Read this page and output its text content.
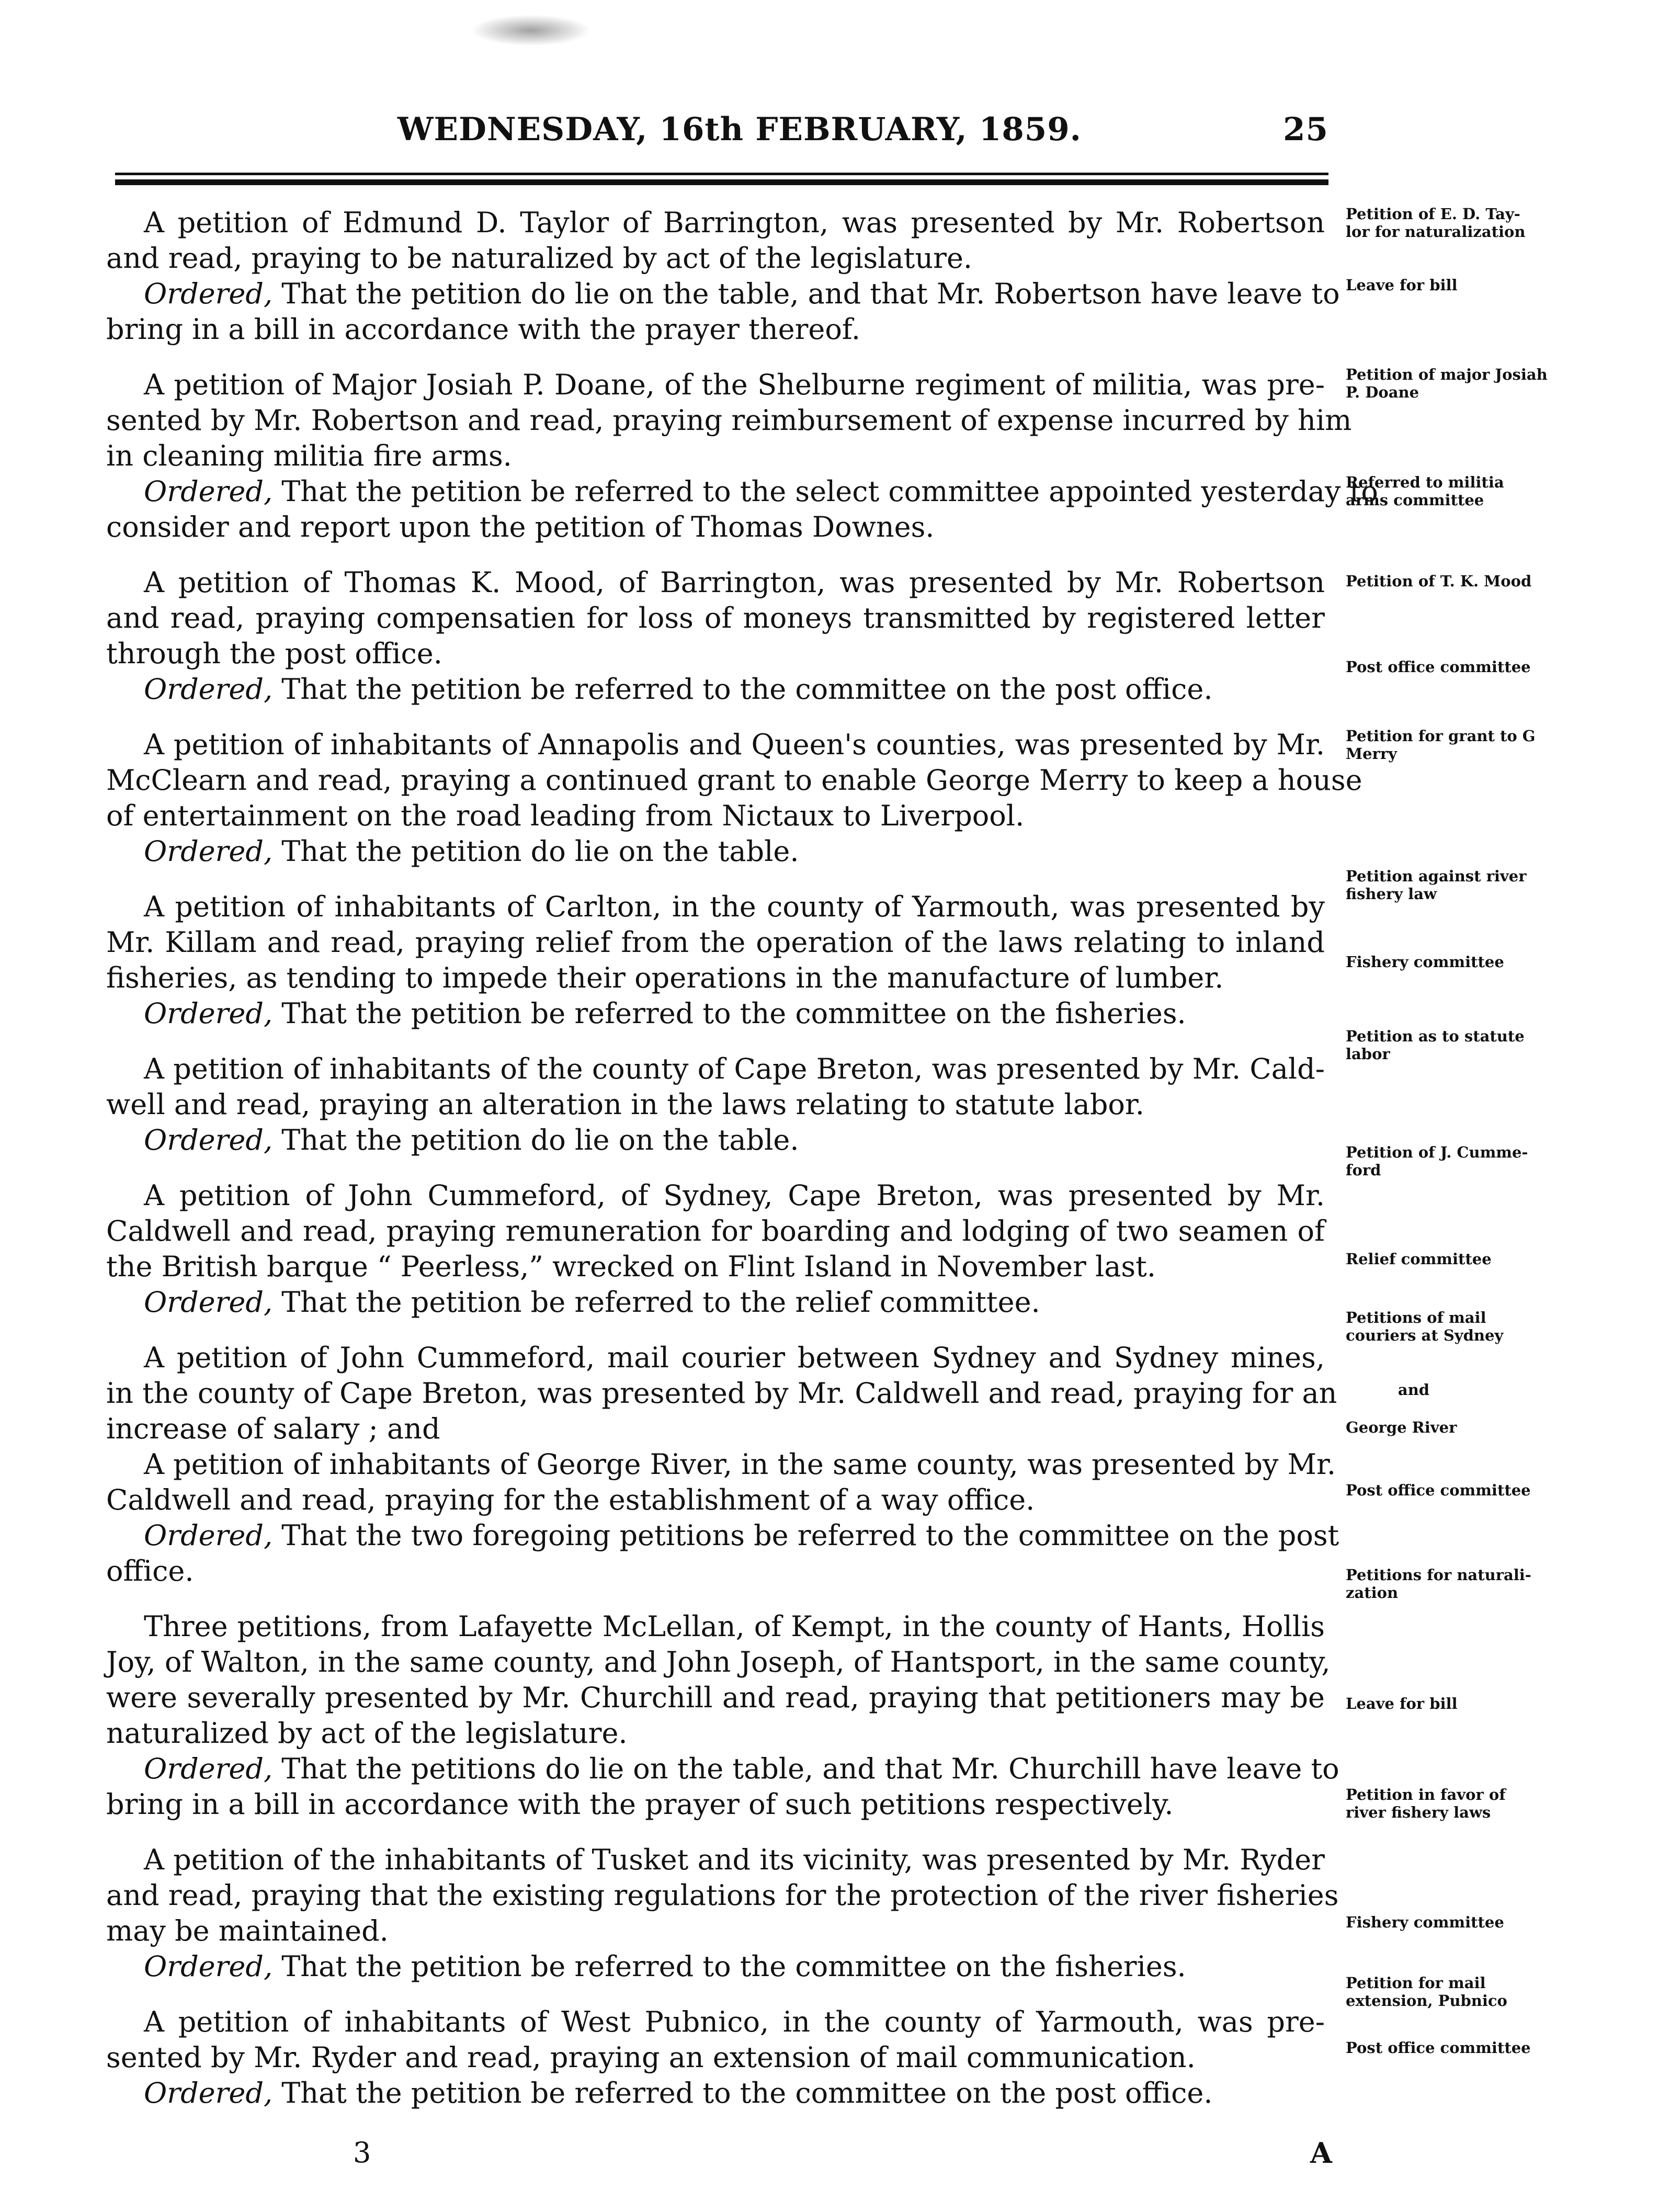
WEDNESDAY, 16th FEBRUARY, 1859.	25
A petition of Edmund D. Taylor of Barrington, was presented by Mr. Robertson
and read, praying to be naturalized by act of the legislature.
Ordered, That the petition do lie on the table, and that Mr. Robertson have leave to
bring in a bill in accordance with the prayer thereof.
A petition of Major Josiah P. Doane, of the Shelburne regiment of militia, was pre-
sented by Mr. Robertson and read, praying reimbursement of expense incurred by him
in cleaning militia fire arms.
Ordered, That the petition be referred to the select committee appointed yesterday to
consider and report upon the petition of Thomas Downes.
A petition of Thomas K. Mood, of Barrington, was presented by Mr. Robertson
and read, praying compensatien for loss of moneys transmitted by registered letter
through the post office.
Ordered, That the petition be referred to the committee on the post office.
A petition of inhabitants of Annapolis and Queen's counties, was presented by Mr.
McClearn and read, praying a continued grant to enable George Merry to keep a house
of entertainment on the road leading from Nictaux to Liverpool.
Ordered, That the petition do lie on the table.
A petition of inhabitants of Carlton, in the county of Yarmouth, was presented by
Mr. Killam and read, praying relief from the operation of the laws relating to inland
fisheries, as tending to impede their operations in the manufacture of lumber.
Ordered, That the petition be referred to the committee on the fisheries.
A petition of inhabitants of the county of Cape Breton, was presented by Mr. Cald-
well and read, praying an alteration in the laws relating to statute labor.
Ordered, That the petition do lie on the table.
A petition of John Cummeford, of Sydney, Cape Breton, was presented by Mr.
Caldwell and read, praying remuneration for boarding and lodging of two seamen of
the British barque “ Peerless,” wrecked on Flint Island in November last.
Ordered, That the petition be referred to the relief committee.
A petition of John Cummeford, mail courier between Sydney and Sydney mines,
in the county of Cape Breton, was presented by Mr. Caldwell and read, praying for an
increase of salary ; and
A petition of inhabitants of George River, in the same county, was presented by Mr.
Caldwell and read, praying for the establishment of a way office.
Ordered, That the two foregoing petitions be referred to the committee on the post
office.
Three petitions, from Lafayette McLellan, of Kempt, in the county of Hants, Hollis
Joy, of Walton, in the same county, and John Joseph, of Hantsport, in the same county,
were severally presented by Mr. Churchill and read, praying that petitioners may be
naturalized by act of the legislature.
Ordered, That the petitions do lie on the table, and that Mr. Churchill have leave to
bring in a bill in accordance with the prayer of such petitions respectively.
A petition of the inhabitants of Tusket and its vicinity, was presented by Mr. Ryder
and read, praying that the existing regulations for the protection of the river fisheries
may be maintained.
Ordered, That the petition be referred to the committee on the fisheries.
A petition of inhabitants of West Pubnico, in the county of Yarmouth, was pre-
sented by Mr. Ryder and read, praying an extension of mail communication.
Ordered, That the petition be referred to the committee on the post office.
Petition of E. D. Tay-
lor for naturalization
Leave for bill
Petition of major Josiah
P. Doane
Referred to militia
arms committee
Petition of T. K. Mood
Post office committee
Petition for grant to G
Merry
Petition against river
fishery law
Fishery committee
Petition as to statute
labor
Petition of J. Cumme-
ford
Relief committee
Petitions of mail
couriers at Sydney
and
George River
Post office committee
Petitions for naturali-
zation
Leave for bill
Petition in favor of
river fishery laws
Fishery committee
Petition for mail
extension, Pubnico
Post office committee
3	A
